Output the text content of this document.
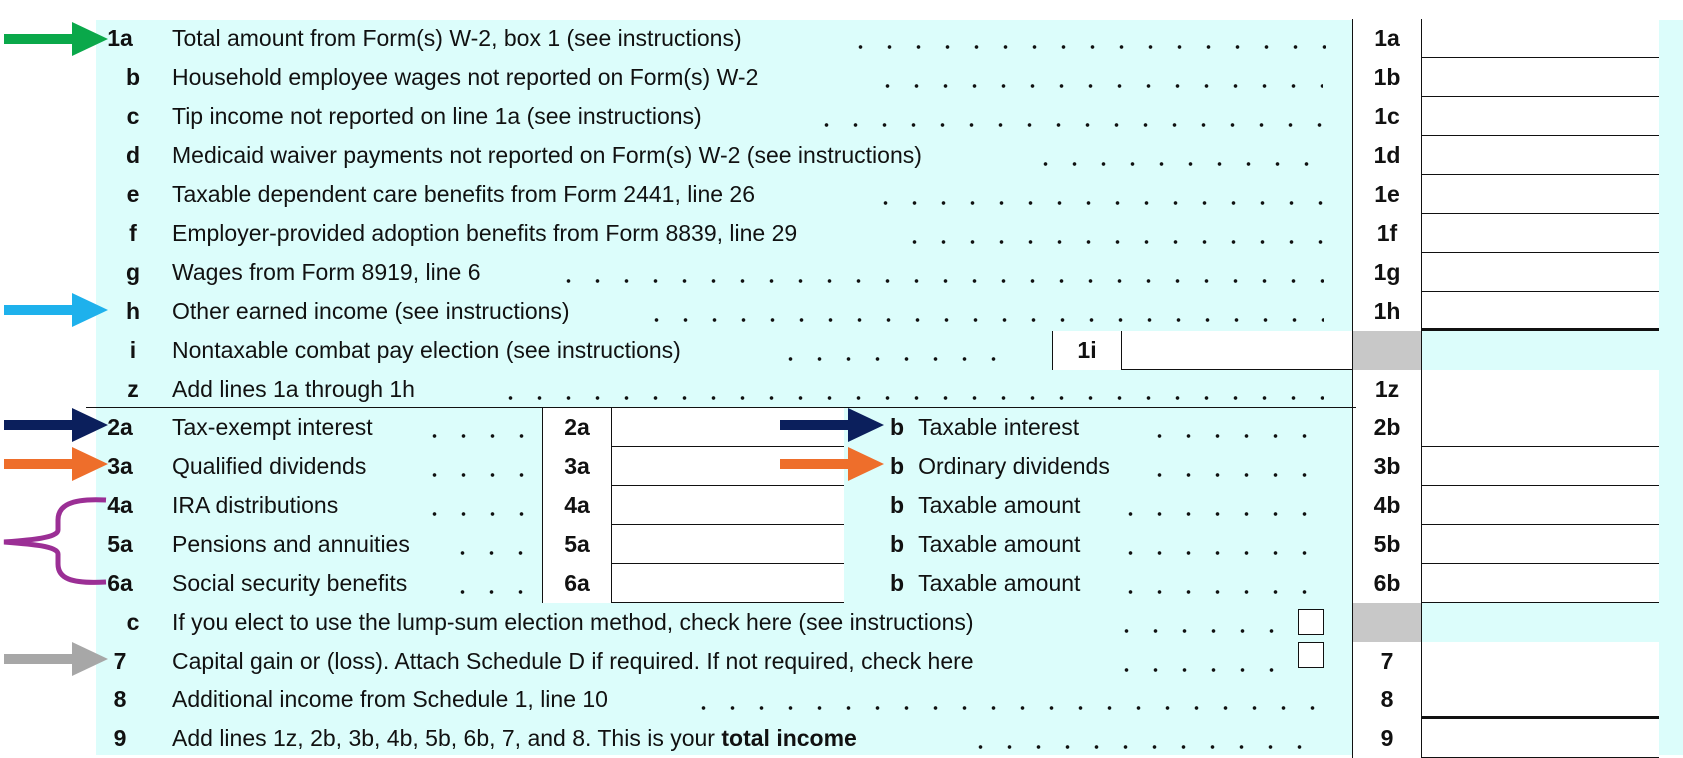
1a	Total amount from Form(s) W-2, box 1 (see instructions)	1a
b	Household employee wages not reported on Form(s) W-2	1b
c	Tip income not reported on line 1a (see instructions)	1c
d	Medicaid waiver payments not reported on Form(s) W-2 (see instructions)	1d
e	Taxable dependent care benefits from Form 2441, line 26	1e
f	Employer-provided adoption benefits from Form 8839, line 29	1f
g	Wages from Form 8919, line 6	1g
h	Other earned income (see instructions)	1h
i	Nontaxable combat pay election (see instructions)	1i
z	Add lines 1a through 1h	1z
2a	Tax-exempt interest	2a	b Taxable interest	2b
3a	Qualified dividends	3a	b Ordinary dividends	3b
4a	IRA distributions	4a	b Taxable amount	4b
5a	Pensions and annuities	5a	b Taxable amount	5b
6a	Social security benefits	6a	b Taxable amount	6b
c	If you elect to use the lump-sum election method, check here (see instructions)
7	Capital gain or (loss). Attach Schedule D if required. If not required, check here	7
8	Additional income from Schedule 1, line 10	8
9	Add lines 1z, 2b, 3b, 4b, 5b, 6b, 7, and 8. This is your total income	9
